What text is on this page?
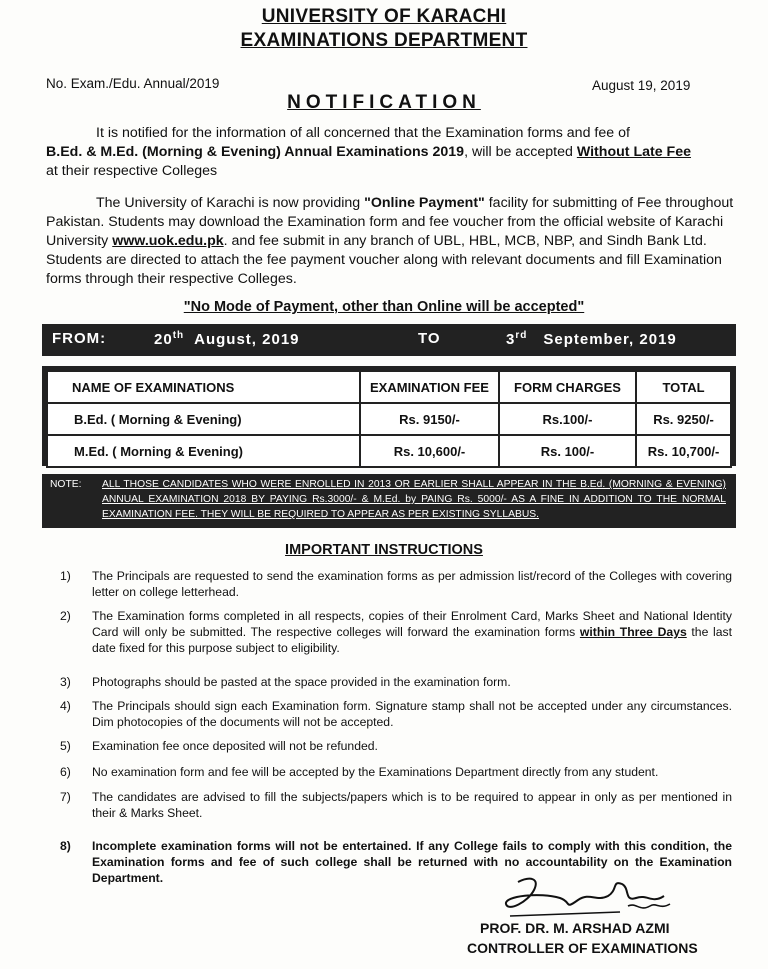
UNIVERSITY OF KARACHI
EXAMINATIONS DEPARTMENT
No. Exam./Edu. Annual/2019	August 19, 2019
NOTIFICATION
It is notified for the information of all concerned that the Examination forms and fee of
B.Ed. & M.Ed. (Morning & Evening) Annual Examinations 2019, will be accepted Without Late Fee
at their respective Colleges
The University of Karachi is now providing "Online Payment" facility for submitting of Fee throughout Pakistan. Students may download the Examination form and fee voucher from the official website of Karachi University www.uok.edu.pk. and fee submit in any branch of UBL, HBL, MCB, NBP, and Sindh Bank Ltd. Students are directed to attach the fee payment voucher along with relevant documents and fill Examination forms through their respective Colleges.
"No Mode of Payment, other than Online will be accepted"
FROM:	20th August, 2019	TO	3rd September, 2019
NAME OF EXAMINATIONS	EXAMINATION FEE	FORM CHARGES	TOTAL
B.Ed. ( Morning & Evening)	Rs. 9150/-	Rs.100/-	Rs. 9250/-
M.Ed. ( Morning & Evening)	Rs. 10,600/-	Rs. 100/-	Rs. 10,700/-
NOTE: ALL THOSE CANDIDATES WHO WERE ENROLLED IN 2013 OR EARLIER SHALL APPEAR IN THE B.Ed. (MORNING & EVENING) ANNUAL EXAMINATION 2018 BY PAYING Rs.3000/- & M.Ed. by PAING Rs. 5000/- AS A FINE IN ADDITION TO THE NORMAL EXAMINATION FEE. THEY WILL BE REQUIRED TO APPEAR AS PER EXISTING SYLLABUS.
IMPORTANT INSTRUCTIONS
1)	The Principals are requested to send the examination forms as per admission list/record of the Colleges with covering letter on college letterhead.
2)	The Examination forms completed in all respects, copies of their Enrolment Card, Marks Sheet and National Identity Card will only be submitted. The respective colleges will forward the examination forms within Three Days the last date fixed for this purpose subject to eligibility.
3)	Photographs should be pasted at the space provided in the examination form.
4)	The Principals should sign each Examination form. Signature stamp shall not be accepted under any circumstances. Dim photocopies of the documents will not be accepted.
5)	Examination fee once deposited will not be refunded.
6)	No examination form and fee will be accepted by the Examinations Department directly from any student.
7)	The candidates are advised to fill the subjects/papers which is to be required to appear in only as per mentioned in their & Marks Sheet.
8)	Incomplete examination forms will not be entertained. If any College fails to comply with this condition, the Examination forms and fee of such college shall be returned with no accountability on the Examination Department.
PROF. DR. M. ARSHAD AZMI
CONTROLLER OF EXAMINATIONS
